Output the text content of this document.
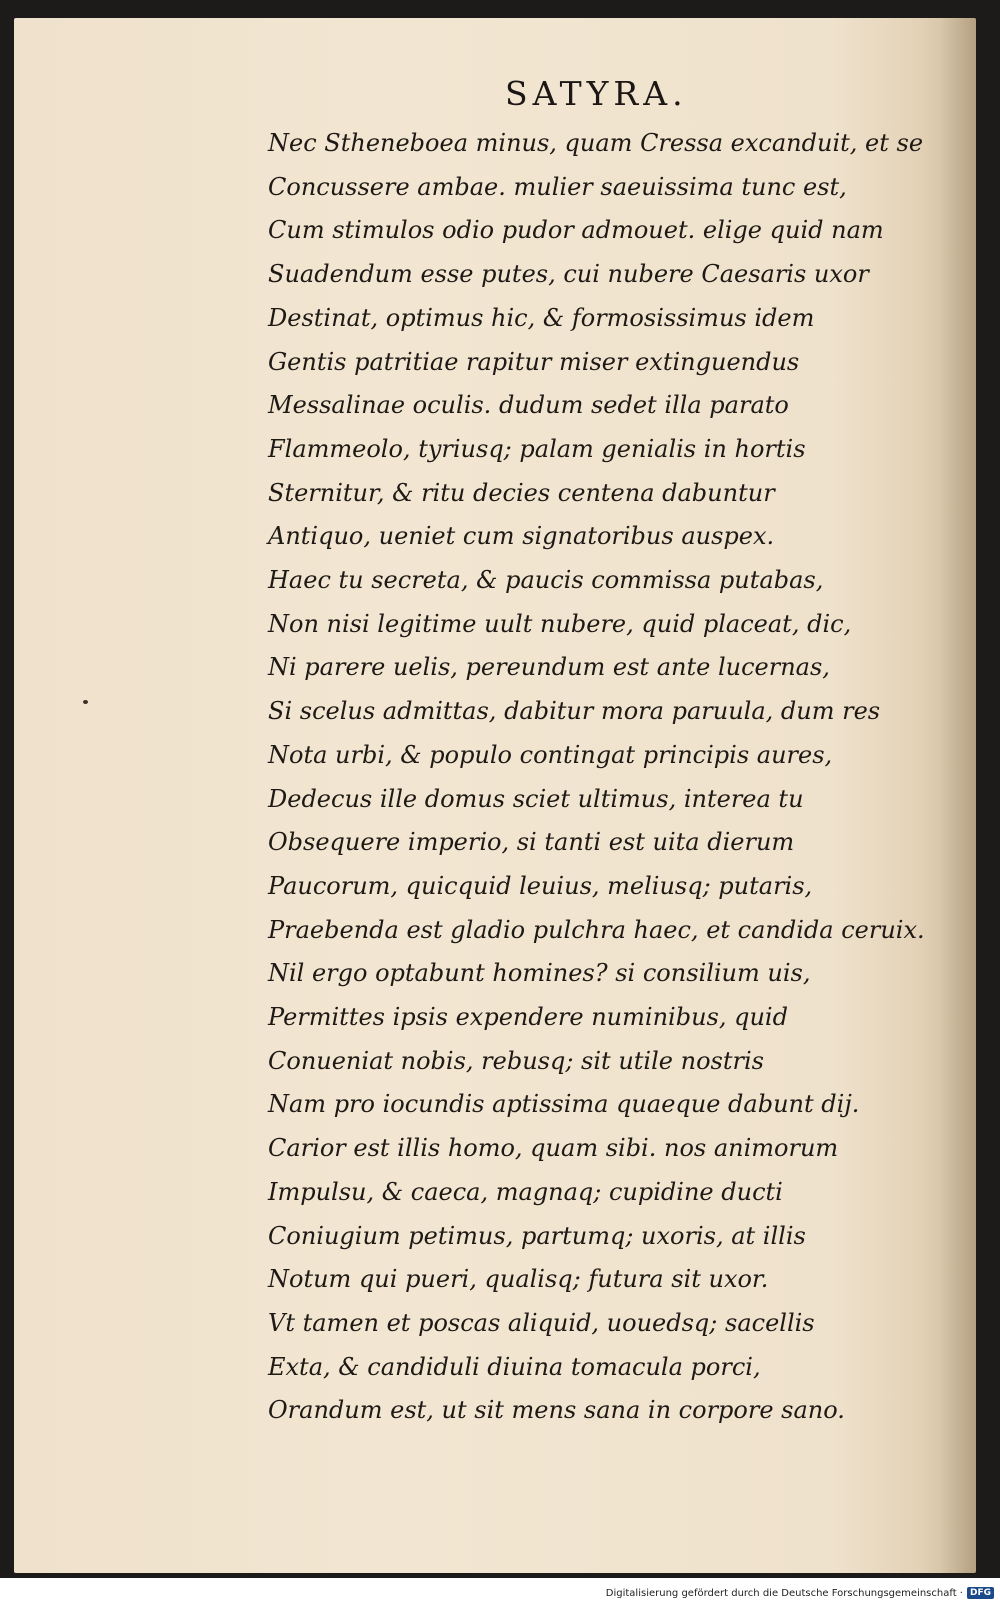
SATYRA.
Nec Stheneboea minus, quam Cressa excanduit, et se
Concussere ambae. mulier saeuissima tunc est,
Cum stimulos odio pudor admouet. elige quid nam
Suadendum esse putes, cui nubere Caesaris uxor
Destinat, optimus hic, & formosissimus idem
Gentis patritiae rapitur miser extinguendus
Messalinae oculis. dudum sedet illa parato
Flammeolo, tyriusq; palam genialis in hortis
Sternitur, & ritu decies centena dabuntur
Antiquo, ueniet cum signatoribus auspex.
Haec tu secreta, & paucis commissa putabas,
Non nisi legitime uult nubere, quid placeat, dic,
Ni parere uelis, pereundum est ante lucernas,
Si scelus admittas, dabitur mora paruula, dum res
Nota urbi, & populo contingat principis aures,
Dedecus ille domus sciet ultimus, interea tu
Obsequere imperio, si tanti est uita dierum
Paucorum, quicquid leuius, meliusq; putaris,
Praebenda est gladio pulchra haec, et candida ceruix.
Nil ergo optabunt homines? si consilium uis,
Permittes ipsis expendere numinibus, quid
Conueniat nobis, rebusq; sit utile nostris
Nam pro iocundis aptissima quaeque dabunt dij.
Carior est illis homo, quam sibi. nos animorum
Impulsu, & caeca, magnaq; cupidine ducti
Coniugium petimus, partumq; uxoris, at illis
Notum qui pueri, qualisq; futura sit uxor.
Vt tamen et poscas aliquid, uouedsq; sacellis
Exta, & candiduli diuina tomacula porci,
Orandum est, ut sit mens sana in corpore sano.
Digitalisierung gefördert durch die Deutsche Forschungsgemeinschaft · DFG
